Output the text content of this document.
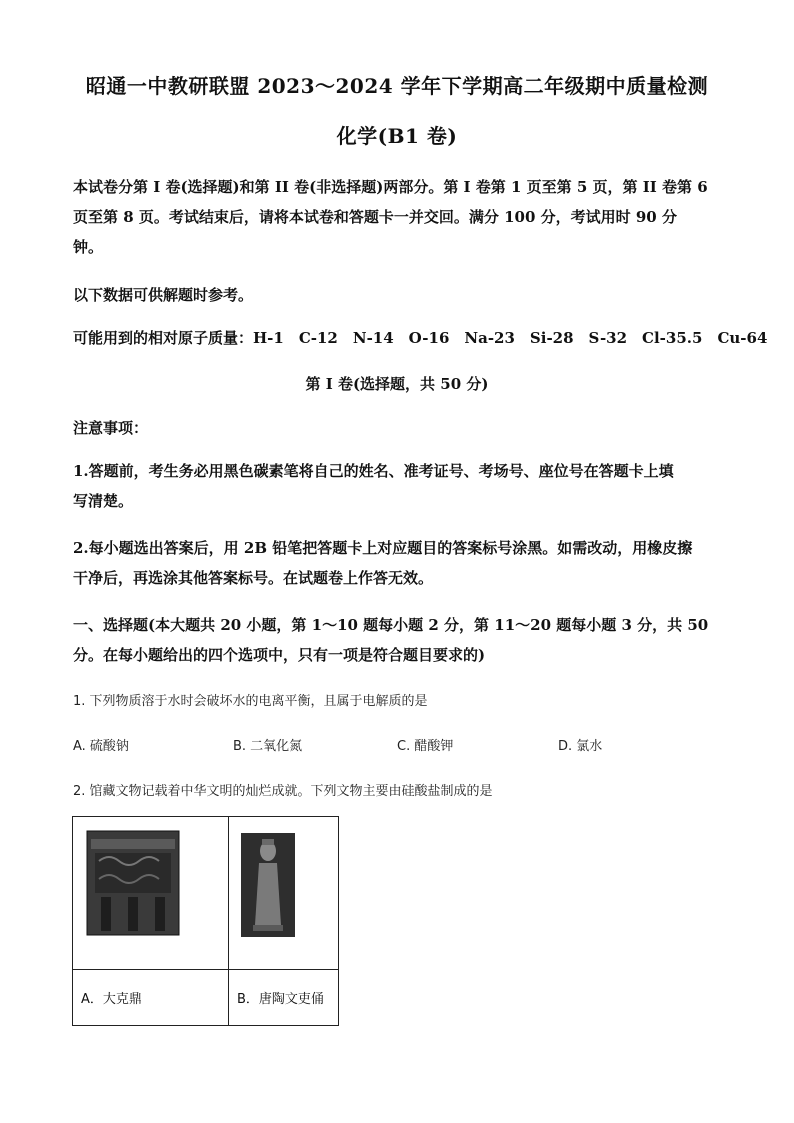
昭通一中教研联盟 2023～2024 学年下学期高二年级期中质量检测
化学(B1 卷)
本试卷分第 I 卷(选择题)和第 II 卷(非选择题)两部分。第 I 卷第 1 页至第 5 页，第 II 卷第 6
页至第 8 页。考试结束后，请将本试卷和答题卡一并交回。满分 100 分，考试用时 90 分
钟。
以下数据可供解题时参考。
可能用到的相对原子质量：H-1　C-12　N-14　O-16　Na-23　Si-28　S-32　Cl-35.5　Cu-64
第 I 卷(选择题，共 50 分)
注意事项：
1.答题前，考生务必用黑色碳素笔将自己的姓名、准考证号、考场号、座位号在答题卡上填
写清楚。
2.每小题选出答案后，用 2B 铅笔把答题卡上对应题目的答案标号涂黑。如需改动，用橡皮擦
干净后，再选涂其他答案标号。在试题卷上作答无效。
一、选择题(本大题共 20 小题，第 1～10 题每小题 2 分，第 11～20 题每小题 3 分，共 50
分。在每小题给出的四个选项中，只有一项是符合题目要求的)
1. 下列物质溶于水时会破坏水的电离平衡，且属于电解质的是
A. 硫酸钠	B. 二氧化氮	C. 醋酸钾	D. 氯水
2. 馆藏文物记载着中华文明的灿烂成就。下列文物主要由硅酸盐制成的是

A．大克鼎	B．唐陶文吏俑
